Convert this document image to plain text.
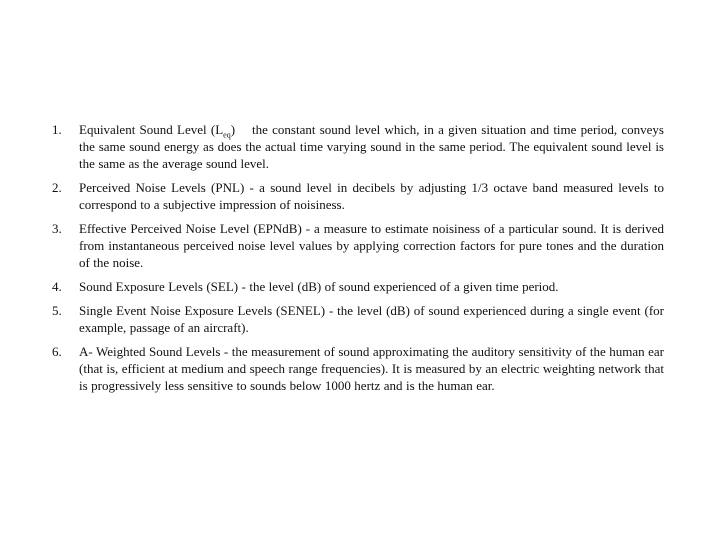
1.	Equivalent Sound Level $(L_{eq})$ the constant sound level which, in a given situation and time period, conveys the same sound energy as does the actual time varying sound in the same period. The equivalent sound level is the same as the average sound level.
2.	Perceived Noise Levels (PNL) - a sound level in decibels by adjusting 1/3 octave band measured levels to correspond to a subjective impression of noisiness.
3.	Effective Perceived Noise Level (EPNdB) - a measure to estimate noisiness of a particular sound. It is derived from instantaneous perceived noise level values by applying correction factors for pure tones and the duration of the noise.
4.	Sound Exposure Levels (SEL) - the level (dB) of sound experienced of a given time period.
5.	Single Event Noise Exposure Levels (SENEL) - the level (dB) of sound experienced during a single event (for example, passage of an aircraft).
6.	A- Weighted Sound Levels - the measurement of sound approximating the auditory sensitivity of the human ear (that is, efficient at medium and speech range frequencies). It is measured by an electric weighting network that is progressively less sensitive to sounds below 1000 hertz and is the human ear.
